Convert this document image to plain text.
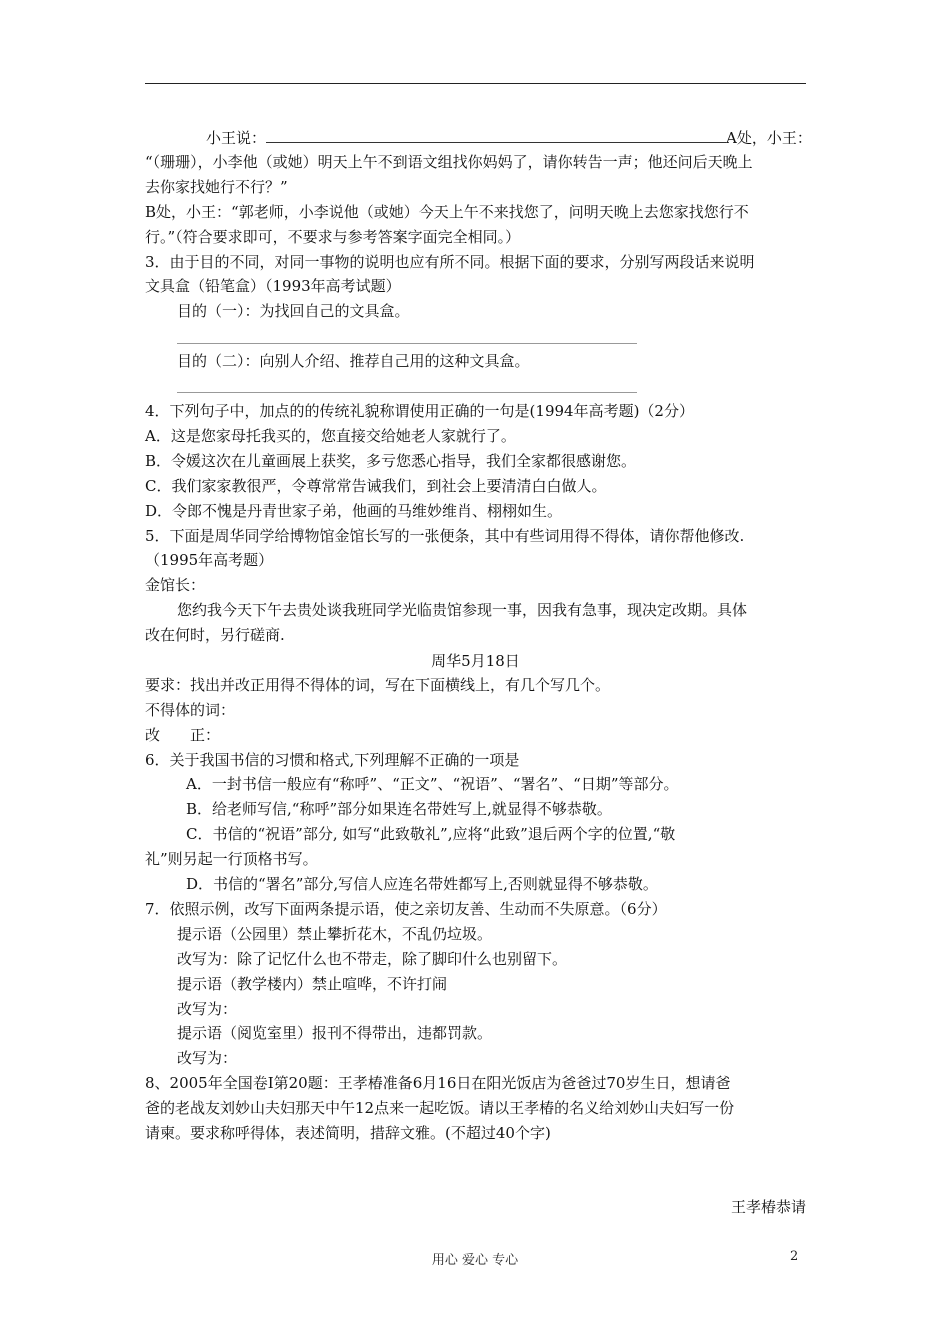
小王说：	A处，小王：
“（珊珊），小李他（或她）明天上午不到语文组找你妈妈了，请你转告一声；他还问后天晚上
去你家找她行不行？”
B处，小王：“郭老师，小李说他（或她）今天上午不来找您了，问明天晚上去您家找您行不
行。”（符合要求即可，不要求与参考答案字面完全相同。）
3．由于目的不同，对同一事物的说明也应有所不同。根据下面的要求，分别写两段话来说明
文具盒（铅笔盒）（1993年高考试题）
目的（一）：为找回自己的文具盒。
目的（二）：向别人介绍、推荐自己用的这种文具盒。
4．下列句子中，加点的的传统礼貌称谓使用正确的一句是(1994年高考题)（2分）
A．这是您家母托我买的，您直接交给她老人家就行了。
B．令媛这次在儿童画展上获奖，多亏您悉心指导，我们全家都很感谢您。
C．我们家家教很严，令尊常常告诫我们，到社会上要清清白白做人。
D．令郎不愧是丹青世家子弟，他画的马维妙维肖、栩栩如生。
5．下面是周华同学给博物馆金馆长写的一张便条，其中有些词用得不得体，请你帮他修改.
（1995年高考题）
金馆长：
您约我今天下午去贵处谈我班同学光临贵馆参现一事，因我有急事，现决定改期。具体
改在何时，另行磋商.
周华5月18日
要求：找出并改正用得不得体的词，写在下面横线上，有几个写几个。
不得体的词：
改　　正：
6．关于我国书信的习惯和格式,下列理解不正确的一项是
A．一封书信一般应有“称呼”、“正文”、“祝语”、“署名”、“日期”等部分。
B．给老师写信,“称呼”部分如果连名带姓写上,就显得不够恭敬。
C．书信的“祝语”部分, 如写“此致敬礼”,应将“此致”退后两个字的位置,“敬
礼”则另起一行顶格书写。
D．书信的“署名”部分,写信人应连名带姓都写上,否则就显得不够恭敬。
7．依照示例，改写下面两条提示语，使之亲切友善、生动而不失原意。（6分）
提示语（公园里）禁止攀折花木，不乱仍垃圾。
改写为：除了记忆什么也不带走，除了脚印什么也别留下。
提示语（教学楼内）禁止喧哗，不许打闹
改写为：
提示语（阅览室里）报刊不得带出，违都罚款。
改写为：
8、2005年全国卷Ⅰ第20题：王孝椿准备6月16日在阳光饭店为爸爸过70岁生日，想请爸
爸的老战友刘妙山夫妇那天中午12点来一起吃饭。请以王孝椿的名义给刘妙山夫妇写一份
请柬。要求称呼得体，表述简明，措辞文雅。(不超过40个字)
王孝椿恭请
用心 爱心 专心	2
